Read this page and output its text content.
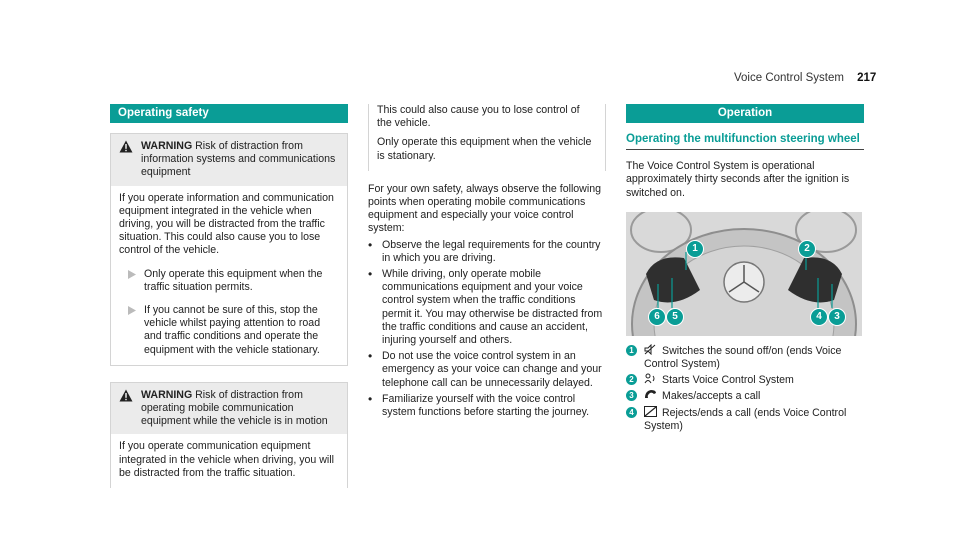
Voice Control System 217
Operating safety
WARNING Risk of distraction from information systems and communications equipment

If you operate information and communication equipment integrated in the vehicle when driving, you will be distracted from the traffic situation. This could also cause you to lose control of the vehicle.

Only operate this equipment when the traffic situation permits.
If you cannot be sure of this, stop the vehicle whilst paying attention to road and traffic conditions and operate the equipment with the vehicle stationary.
WARNING Risk of distraction from operating mobile communication equipment while the vehicle is in motion

If you operate communication equipment integrated in the vehicle when driving, you will be distracted from the traffic situation.

This could also cause you to lose control of the vehicle.

Only operate this equipment when the vehicle is stationary.

For your own safety, always observe the following points when operating mobile communications equipment and especially your voice control system:

• Observe the legal requirements for the country in which you are driving.
• While driving, only operate mobile communications equipment and your voice control system when the traffic conditions permit it. You may otherwise be distracted from the traffic conditions and cause an accident, injuring yourself and others.
• Do not use the voice control system in an emergency as your voice can change and your telephone call can be unnecessarily delayed.
• Familiarize yourself with the voice control system functions before starting the journey.
Operation
Operating the multifunction steering wheel

The Voice Control System is operational approximately thirty seconds after the ignition is switched on.

1	2
6	5	4	3
1	Switches the sound off/on (ends Voice Control System)
2	Starts Voice Control System
3	Makes/accepts a call
4	Rejects/ends a call (ends Voice Control System)
